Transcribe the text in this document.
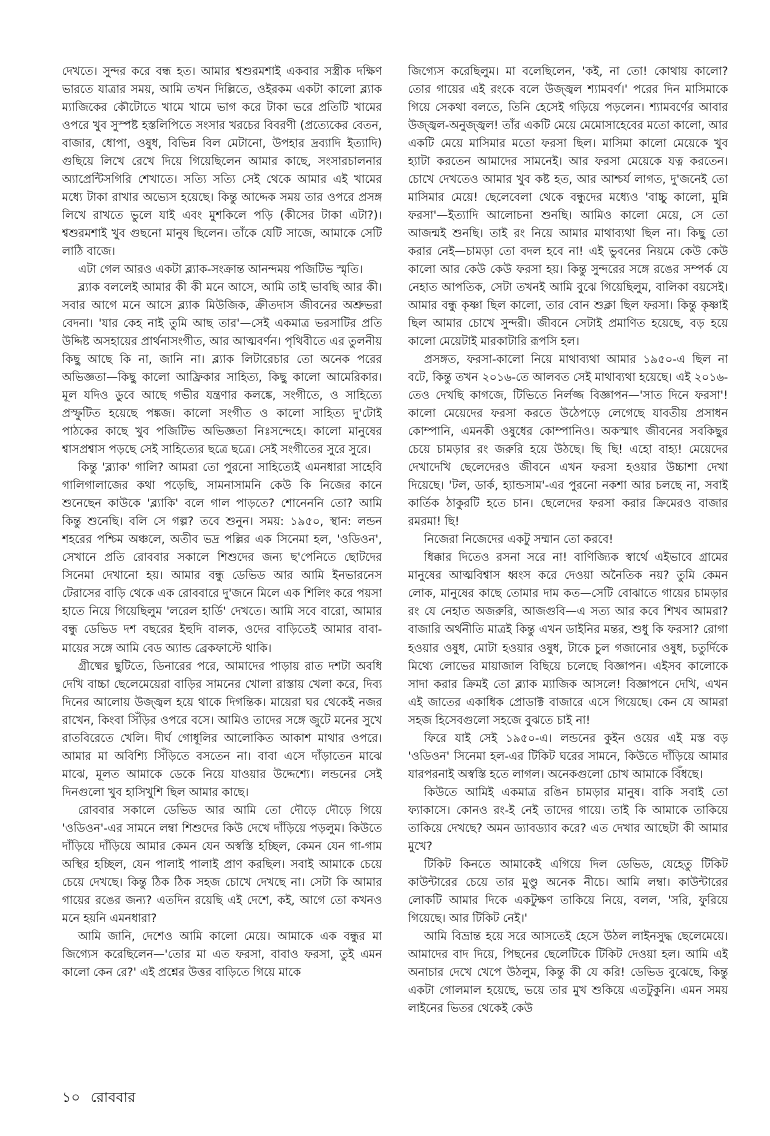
দেখতে। সুন্দর করে বন্ধ হত। আমার শ্বশুরমশাই একবার সস্ত্রীক দক্ষিণ ভারতে যাত্রার সময়, আমি তখন দিল্লিতে, ওইরকম একটা কালো ব্ল্যাক ম্যাজিকের কৌটোতে খামে খামে ভাগ করে টাকা ভরে প্রতিটি খামের ওপরে খুব সুস্পষ্ট হস্তলিপিতে সংসার খরচের বিবরণী (প্রত্যেকের বেতন, বাজার, ধোপা, ওষুধ, বিভিন্ন বিল মেটানো, উপহার দ্রব্যাদি ইত্যাদি) গুছিয়ে লিখে রেখে দিয়ে গিয়েছিলেন আমার কাছে, সংসারচালনার অ্যাপ্রেন্টিসগিরি শেখাতে। সত্যি সত্যি সেই থেকে আমার এই খামের মধ্যে টাকা রাখার অভ্যেস হয়েছে। কিন্তু আদ্দেক সময় তার ওপরে প্রসঙ্গ লিখে রাখতে ভুলে যাই এবং মুশকিলে পড়ি (কীসের টাকা এটা?)। শ্বশুরমশাই খুব গুছনো মানুষ ছিলেন। তাঁকে যেটি সাজে, আমাকে সেটি লাঠি বাজে।

এটা গেল আরও একটা ব্ল্যাক-সংক্রান্ত আনন্দময় পজিটিভ স্মৃতি।

ব্ল্যাক বললেই আমার কী কী মনে আসে, আমি তাই ভাবছি আর কী। সবার আগে মনে আসে ব্ল্যাক মিউজিক, ক্রীতদাস জীবনের অশ্রুভরা বেদনা। 'যার কেহ নাই তুমি আছ তার'—সেই একমাত্র ভরসাটির প্রতি উদ্দিষ্ট অসহায়ের প্রার্থনাসংগীত, আর আত্মবর্ণন। পৃথিবীতে এর তুলনীয় কিছু আছে কি না, জানি না। ব্ল্যাক লিটারেচার তো অনেক পরের অভিজ্ঞতা—কিছু কালো আফ্রিকার সাহিত্য, কিছু কালো আমেরিকার। মূল যদিও ডুবে আছে গভীর যন্ত্রণার কলঙ্কে, সংগীতে, ও সাহিত্যে প্রস্ফুটিত হয়েছে পঙ্কজ। কালো সংগীত ও কালো সাহিত্য দু'টোই পাঠকের কাছে খুব পজিটিভ অভিজ্ঞতা নিঃসন্দেহে। কালো মানুষের শ্বাসপ্রশ্বাস পড়ছে সেই সাহিত্যের ছত্রে ছত্রে। সেই সংগীতের সুরে সুরে।

কিন্তু 'ব্ল্যাক' গালি? আমরা তো পুরনো সাহিত্যেই এমনধারা সাহেবি গালিগালাজের কথা পড়েছি, সামনাসামনি কেউ কি নিজের কানে শুনেছেন কাউকে 'ব্ল্যাকি' বলে গাল পাড়তে? শোনেননি তো? আমি কিন্তু শুনেছি। বলি সে গল্প? তবে শুনুন। সময়: ১৯৫০, স্থান: লন্ডন শহরের পশ্চিম অঞ্চলে, অতীব ভদ্র পল্লির এক সিনেমা হল, 'ওডিওন', সেখানে প্রতি রোববার সকালে শিশুদের জন্য ছ'পেনিতে ছোটদের সিনেমা দেখানো হয়। আমার বন্ধু ডেভিড আর আমি ইনভারনেস টেরাসের বাড়ি থেকে এক রোববারে দু'জনে মিলে এক শিলিং করে পয়সা হাতে নিয়ে গিয়েছিলুম 'লরেল হার্ডি' দেখতে। আমি সবে বারো, আমার বন্ধু ডেভিড দশ বছরের ইহুদি বালক, ওদের বাড়িতেই আমার বাবা-মায়ের সঙ্গে আমি বেড অ্যান্ড ব্রেকফাস্টে থাকি।

গ্রীষ্মের ছুটিতে, ডিনারের পরে, আমাদের পাড়ায় রাত দশটা অবধি দেখি বাচ্চা ছেলেমেয়েরা বাড়ির সামনের খোলা রাস্তায় খেলা করে, দিব্য দিনের আলোয় উজ্জ্বল হয়ে থাকে দিগন্তিক। মায়েরা ঘর থেকেই নজর রাখেন, কিংবা সিঁড়ির ওপরে বসে। আমিও তাদের সঙ্গে জুটে মনের সুখে রাতবিরেতে খেলি। দীর্ঘ গোধূলির আলোকিত আকাশ মাথার ওপরে। আমার মা অবিশ্যি সিঁড়িতে বসতেন না। বাবা এসে দাঁড়াতেন মাঝে মাঝে, মূলত আমাকে ডেকে নিয়ে যাওয়ার উদ্দেশ্যে। লন্ডনের সেই দিনগুলো খুব হাসিখুশি ছিল আমার কাছে।

রোববার সকালে ডেভিড আর আমি তো দৌড়ে দৌড়ে গিয়ে 'ওডিওন'-এর সামনে লম্বা শিশুদের কিউ দেখে দাঁড়িয়ে পড়লুম। কিউতে দাঁড়িয়ে দাঁড়িয়ে আমার কেমন যেন অস্বস্তি হচ্ছিল, কেমন যেন গা-গাম অস্থির হচ্ছিল, যেন পালাই পালাই প্রাণ করছিল। সবাই আমাকে চেয়ে চেয়ে দেখছে। কিন্তু ঠিক ঠিক সহজ চোখে দেখছে না। সেটা কি আমার গায়ের রঙের জন্য? এতদিন রয়েছি এই দেশে, কই, আগে তো কখনও মনে হয়নি এমনধারা?

আমি জানি, দেশেও আমি কালো মেয়ে। আমাকে এক বন্ধুর মা জিগ্যেস করেছিলেন—'তোর মা এত ফরসা, বাবাও ফরসা, তুই এমন কালো কেন রে?' এই প্রশ্নের উত্তর বাড়িতে গিয়ে মাকে

জিগ্যেস করেছিলুম। মা বলেছিলেন, 'কই, না তো! কোথায় কালো? তোর গায়ের এই রংকে বলে উজ্জ্বল শ্যামবর্ণ।' পরের দিন মাসিমাকে গিয়ে সেকথা বলতে, তিনি হেসেই গড়িয়ে পড়লেন। শ্যামবর্ণের আবার উজ্জ্বল-অনুজ্জ্বল! তাঁর একটি মেয়ে মেমোসাহেবের মতো কালো, আর একটি মেয়ে মাসিমার মতো ফরসা ছিল। মাসিমা কালো মেয়েকে খুব হ্যাটা করতেন আমাদের সামনেই। আর ফরসা মেয়েকে যত্ন করতেন। চোখে দেখতেও আমার খুব কষ্ট হত, আর আশ্চর্য লাগত, দু'জনেই তো মাসিমার মেয়ে! ছেলেবেলা থেকে বন্ধুদের মধ্যেও 'বাচ্চু কালো, মুন্নি ফরসা'—ইত্যাদি আলোচনা শুনছি। আমিও কালো মেয়ে, সে তো আজন্মই শুনছি। তাই রং নিয়ে আমার মাথাব্যথা ছিল না। কিছু তো করার নেই—চামড়া তো বদল হবে না! এই ভুবনের নিয়মে কেউ কেউ কালো আর কেউ কেউ ফরসা হয়। কিন্তু সুন্দরের সঙ্গে রঙের সম্পর্ক যে নেহাত আপতিক, সেটা তখনই আমি বুঝে গিয়েছিলুম, বালিকা বয়সেই। আমার বন্ধু কৃষ্ণা ছিল কালো, তার বোন শুক্লা ছিল ফরসা। কিন্তু কৃষ্ণাই ছিল আমার চোখে সুন্দরী। জীবনে সেটাই প্রমাণিত হয়েছে, বড় হয়ে কালো মেয়েটাই মারকাটারি রূপসি হল।

প্রসঙ্গত, ফরসা-কালো নিয়ে মাথাব্যথা আমার ১৯৫০-এ ছিল না বটে, কিন্তু তখন ২০১৬-তে আলবত সেই মাথাব্যথা হয়েছে। এই ২০১৬-তেও দেখছি কাগজে, টিভিতে নির্লজ্জ বিজ্ঞাপন—'সাত দিনে ফরসা'! কালো মেয়েদের ফরসা করতে উঠেপড়ে লেগেছে যাবতীয় প্রসাধন কোম্পানি, এমনকী ওষুধের কোম্পানিও। অকস্মাৎ জীবনের সবকিছুর চেয়ে চামড়ার রং জরুরি হয়ে উঠছে। ছি ছি! এহো বাহ্য! মেয়েদের দেখাদেখি ছেলেদেরও জীবনে এখন ফরসা হওয়ার উচ্চাশা দেখা দিয়েছে। 'টল, ডার্ক, হ্যান্ডসাম'-এর পুরনো নকশা আর চলছে না, সবাই কার্তিক ঠাকুরটি হতে চান। ছেলেদের ফরসা করার ক্রিমেরও বাজার রমরমা! ছি!

নিজেরা নিজেদের একটু সম্মান তো করবে!

ধিক্কার দিতেও রসনা সরে না! বাণিজ্যিক স্বার্থে এইভাবে গ্রামের মানুষের আত্মবিশ্বাস ধ্বংস করে দেওয়া অনৈতিক নয়? তুমি কেমন লোক, মানুষের কাছে তোমার দাম কত—সেটি বোঝাতে গায়ের চামড়ার রং যে নেহাত অজরুরি, আজগুবি—এ সত্য আর কবে শিখব আমরা? বাজারি অর্থনীতি মাত্রই কিন্তু এখন ডাইনির মন্তর, শুধু কি ফরসা? রোগা হওয়ার ওষুধ, মোটা হওয়ার ওষুধ, টাকে চুল গজানোর ওষুধ, চতুর্দিকে মিথ্যে লোভের মায়াজাল বিছিয়ে চলেছে বিজ্ঞাপন। এইসব কালোকে সাদা করার ক্রিমই তো ব্ল্যাক ম্যাজিক আসলে! বিজ্ঞাপনে দেখি, এখন এই জাতের একাধিক প্রোডাক্ট বাজারে এসে গিয়েছে। কেন যে আমরা সহজ হিসেবগুলো সহজে বুঝতে চাই না!

ফিরে যাই সেই ১৯৫০-এ। লন্ডনের কুইন ওয়ের এই মস্ত বড় 'ওডিওন' সিনেমা হল-এর টিকিট ঘরের সামনে, কিউতে দাঁড়িয়ে আমার যারপরনাই অস্বস্তি হতে লাগল। অনেকগুলো চোখ আমাকে বিঁধছে।

কিউতে আমিই একমাত্র রঙিন চামড়ার মানুষ। বাকি সবাই তো ফ্যাকাসে। কোনও রং-ই নেই তাদের গায়ে। তাই কি আমাকে তাকিয়ে তাকিয়ে দেখছে? অমন ড্যাবড্যাব করে? এত দেখার আছেটা কী আমার মুখে?

টিকিট কিনতে আমাকেই এগিয়ে দিল ডেভিড, যেহেতু টিকিট কাউন্টারের চেয়ে তার মুণ্ডু অনেক নীচে। আমি লম্বা। কাউন্টারের লোকটি আমার দিকে একটুক্ষণ তাকিয়ে নিয়ে, বলল, 'সরি, ফুরিয়ে গিয়েছে। আর টিকিট নেই।'

আমি বিভ্রান্ত হয়ে সরে আসতেই হেসে উঠল লাইনসুদ্ধ ছেলেমেয়ে। আমাদের বাদ দিয়ে, পিছনের ছেলেটিকে টিকিট দেওয়া হল। আমি এই অনাচার দেখে খেপে উঠলুম, কিন্তু কী যে করি! ডেভিড বুঝেছে, কিন্তু একটা গোলমাল হয়েছে, ভয়ে তার মুখ শুকিয়ে এতটুকুনি। এমন সময় লাইনের ভিতর থেকেই কেউ

১০ রোববার
